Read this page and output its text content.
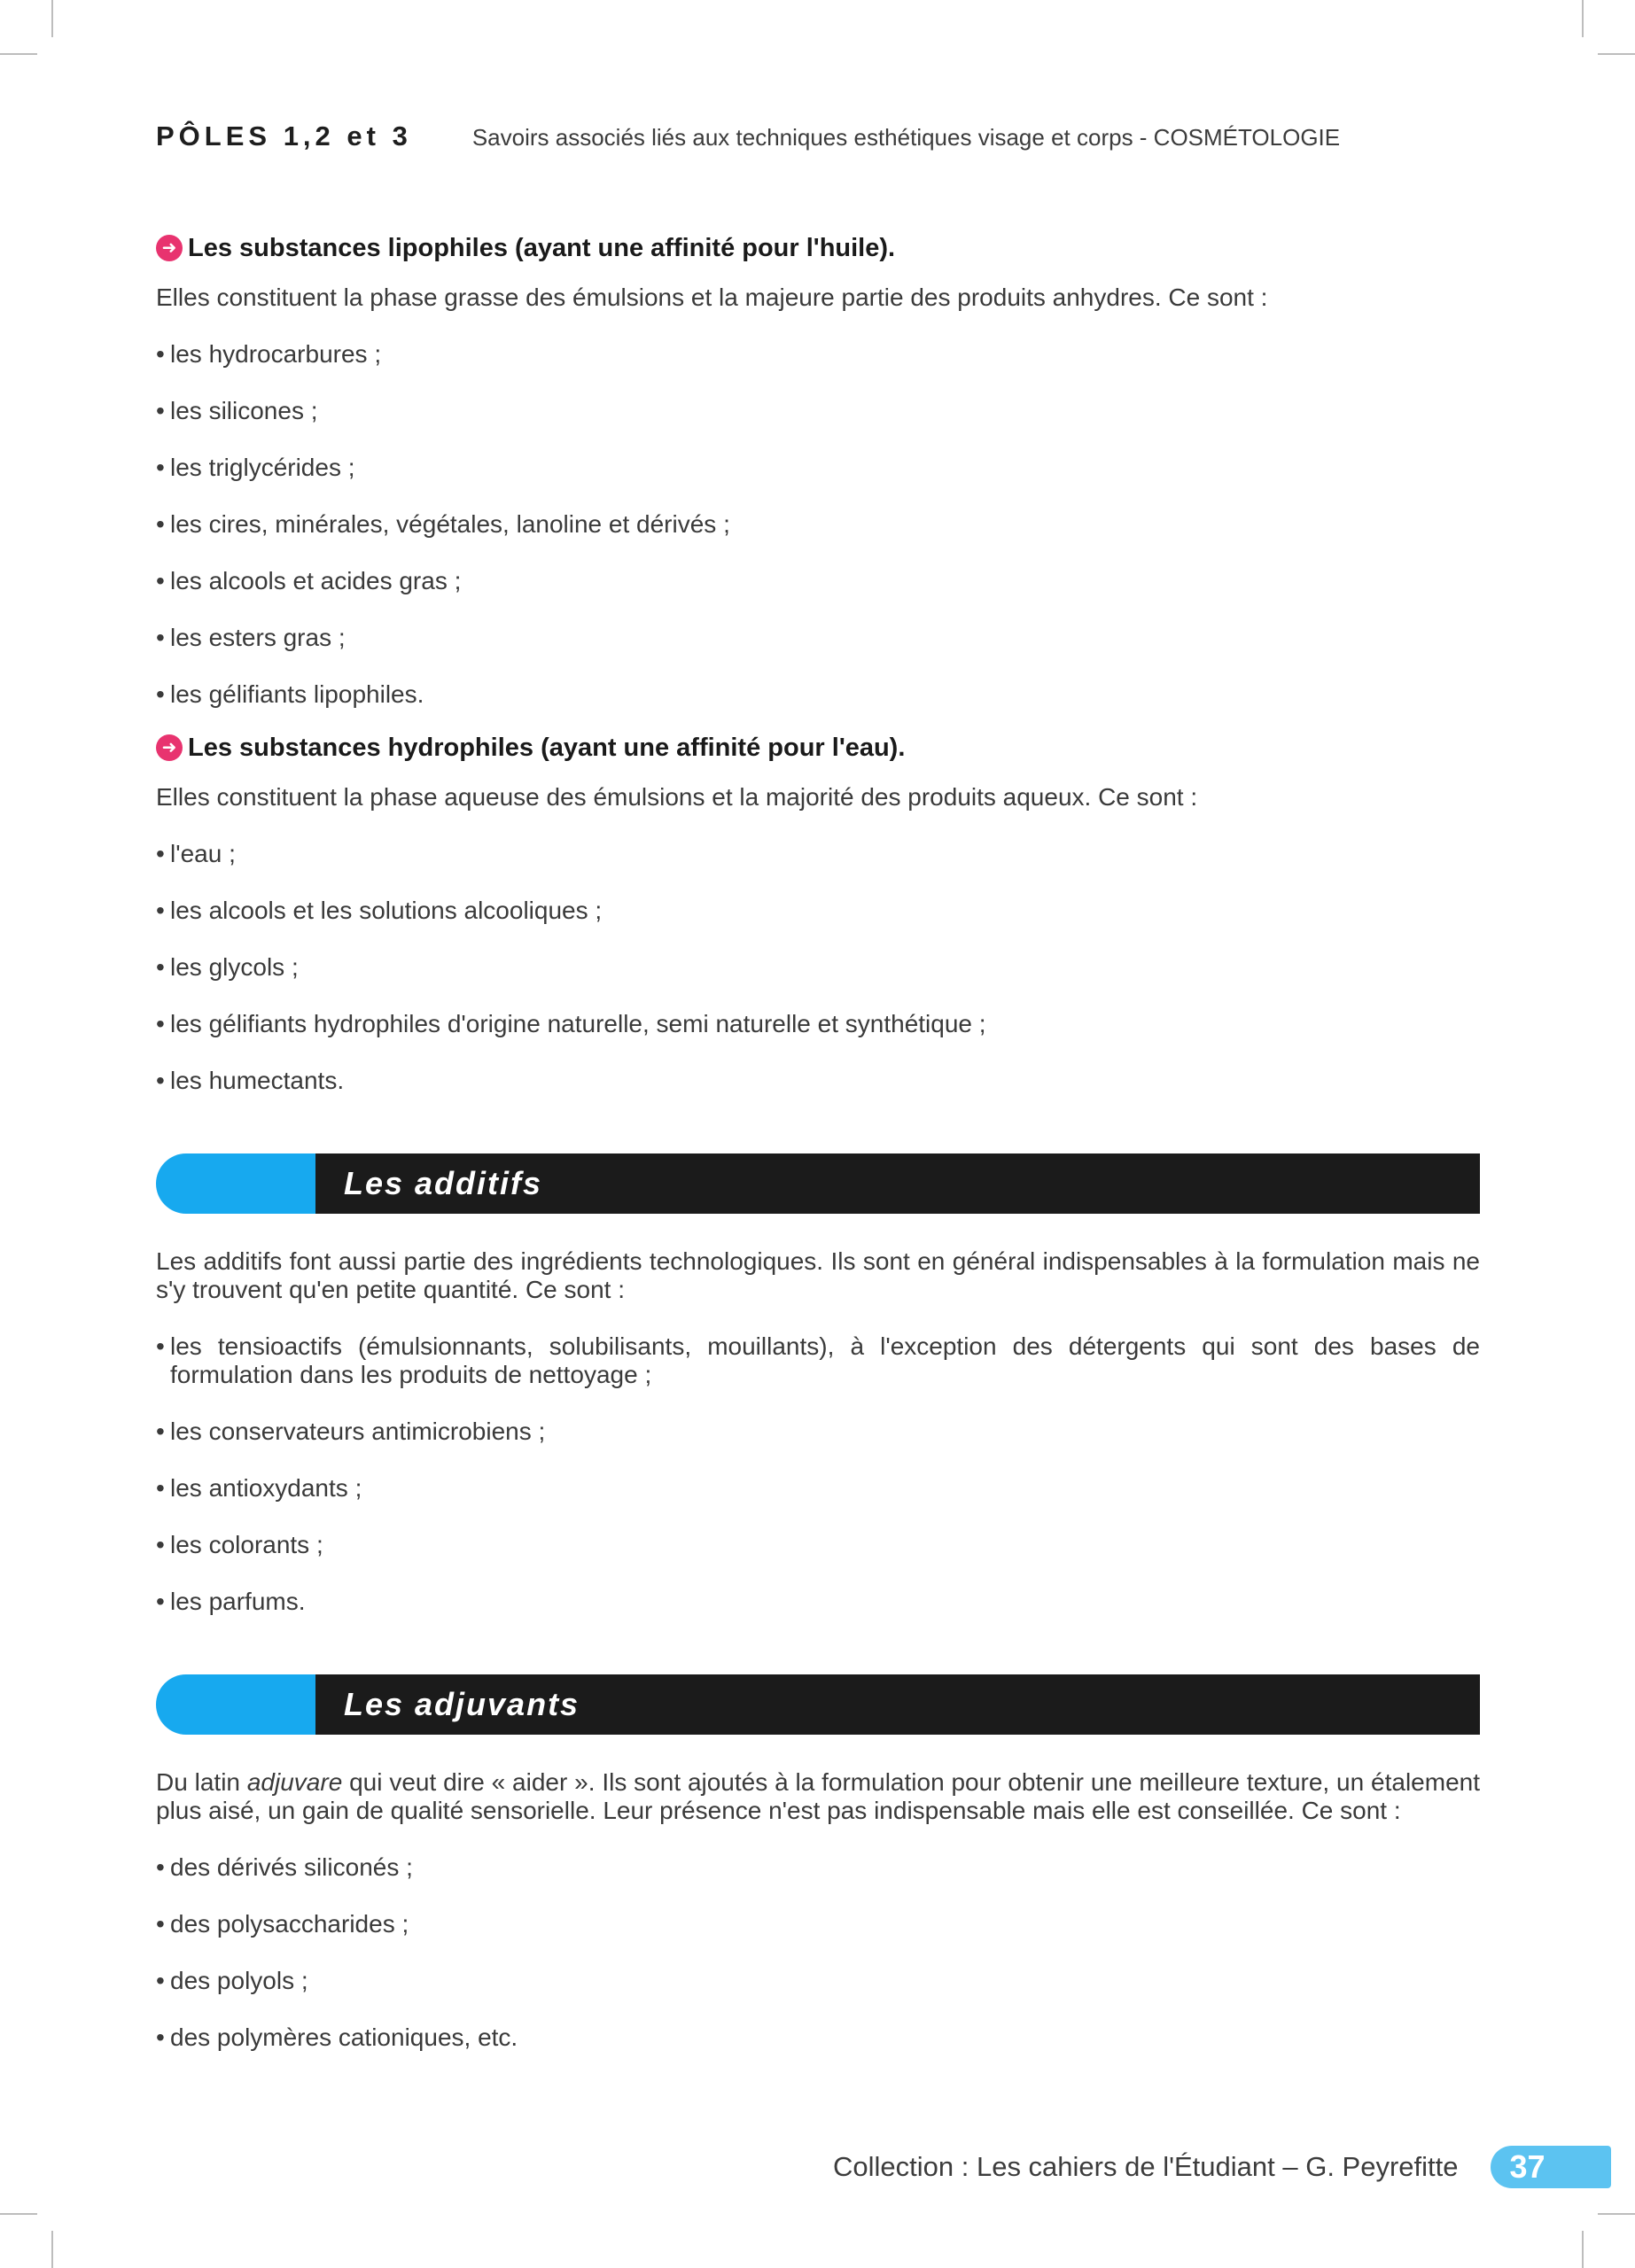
PÔLES 1,2 et 3	Savoirs associés liés aux techniques esthétiques visage et corps - COSMÉTOLOGIE
➜ Les substances lipophiles (ayant une affinité pour l'huile).

Elles constituent la phase grasse des émulsions et la majeure partie des produits anhydres. Ce sont :

• les hydrocarbures ;
• les silicones ;
• les triglycérides ;
• les cires, minérales, végétales, lanoline et dérivés ;
• les alcools et acides gras ;
• les esters gras ;
• les gélifiants lipophiles.
➜ Les substances hydrophiles (ayant une affinité pour l'eau).

Elles constituent la phase aqueuse des émulsions et la majorité des produits aqueux. Ce sont :

• l'eau ;
• les alcools et les solutions alcooliques ;
• les glycols ;
• les gélifiants hydrophiles d'origine naturelle, semi naturelle et synthétique ;
• les humectants.
Les additifs

Les additifs font aussi partie des ingrédients technologiques. Ils sont en général indispensables à la formulation mais ne s'y trouvent qu'en petite quantité. Ce sont :

• les tensioactifs (émulsionnants, solubilisants, mouillants), à l'exception des détergents qui sont des bases de formulation dans les produits de nettoyage ;
• les conservateurs antimicrobiens ;
• les antioxydants ;
• les colorants ;
• les parfums.
Les adjuvants

Du latin adjuvare qui veut dire « aider ». Ils sont ajoutés à la formulation pour obtenir une meilleure texture, un étalement plus aisé, un gain de qualité sensorielle. Leur présence n'est pas indispensable mais elle est conseillée. Ce sont :

• des dérivés siliconés ;
• des polysaccharides ;
• des polyols ;
• des polymères cationiques, etc.
Collection : Les cahiers de l'Étudiant – G. Peyrefitte	37
